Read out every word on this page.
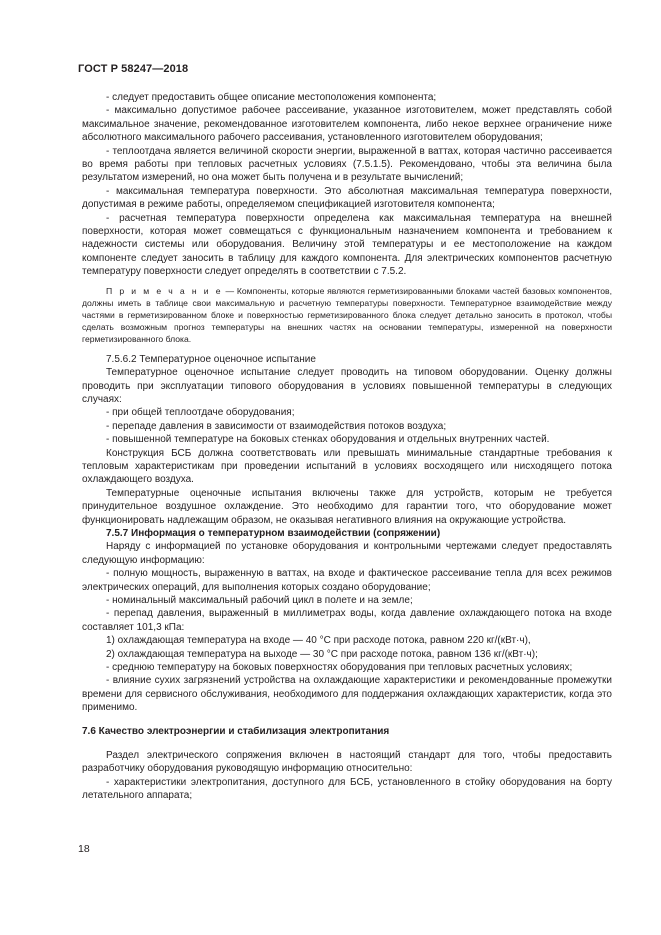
ГОСТ Р 58247—2018

- следует предоставить общее описание местоположения компонента;

- максимально допустимое рабочее рассеивание, указанное изготовителем, может представлять собой максимальное значение, рекомендованное изготовителем компонента, либо некое верхнее ограничение ниже абсолютного максимального рабочего рассеивания, установленного изготовителем оборудования;

- теплоотдача является величиной скорости энергии, выраженной в ваттах, которая частично рассеивается во время работы при тепловых расчетных условиях (7.5.1.5). Рекомендовано, чтобы эта величина была результатом измерений, но она может быть получена и в результате вычислений;

- максимальная температура поверхности. Это абсолютная максимальная температура поверхности, допустимая в режиме работы, определяемом спецификацией изготовителя компонента;

- расчетная температура поверхности определена как максимальная температура на внешней поверхности, которая может совмещаться с функциональным назначением компонента и требованием к надежности системы или оборудования. Величину этой температуры и ее местоположение на каждом компоненте следует заносить в таблицу для каждого компонента. Для электрических компонентов расчетную температуру поверхности следует определять в соответствии с 7.5.2.

П р и м е ч а н и е — Компоненты, которые являются герметизированными блоками частей базовых компонентов, должны иметь в таблице свои максимальную и расчетную температуры поверхности. Температурное взаимодействие между частями в герметизированном блоке и поверхностью герметизированного блока следует детально заносить в протокол, чтобы сделать возможным прогноз температуры на внешних частях на основании температуры, измеренной на поверхности герметизированного блока.

7.5.6.2 Температурное оценочное испытание

Температурное оценочное испытание следует проводить на типовом оборудовании. Оценку должны проводить при эксплуатации типового оборудования в условиях повышенной температуры в следующих случаях:

- при общей теплоотдаче оборудования;

- перепаде давления в зависимости от взаимодействия потоков воздуха;

- повышенной температуре на боковых стенках оборудования и отдельных внутренних частей.

Конструкция БСБ должна соответствовать или превышать минимальные стандартные требования к тепловым характеристикам при проведении испытаний в условиях восходящего или нисходящего потока охлаждающего воздуха.

Температурные оценочные испытания включены также для устройств, которым не требуется принудительное воздушное охлаждение. Это необходимо для гарантии того, что оборудование может функционировать надлежащим образом, не оказывая негативного влияния на окружающие устройства.

7.5.7 Информация о температурном взаимодействии (сопряжении)

Наряду с информацией по установке оборудования и контрольными чертежами следует предоставлять следующую информацию:

- полную мощность, выраженную в ваттах, на входе и фактическое рассеивание тепла для всех режимов электрических операций, для выполнения которых создано оборудование;

- номинальный максимальный рабочий цикл в полете и на земле;

- перепад давления, выраженный в миллиметрах воды, когда давление охлаждающего потока на входе составляет 101,3 кПа:

1) охлаждающая температура на входе — 40 °С при расходе потока, равном 220 кг/(кВт·ч),

2) охлаждающая температура на выходе — 30 °С при расходе потока, равном 136 кг/(кВт·ч);

- среднюю температуру на боковых поверхностях оборудования при тепловых расчетных условиях;

- влияние сухих загрязнений устройства на охлаждающие характеристики и рекомендованные промежутки времени для сервисного обслуживания, необходимого для поддержания охлаждающих характеристик, когда это применимо.

7.6 Качество электроэнергии и стабилизация электропитания

Раздел электрического сопряжения включен в настоящий стандарт для того, чтобы предоставить разработчику оборудования руководящую информацию относительно:

- характеристики электропитания, доступного для БСБ, установленного в стойку оборудования на борту летательного аппарата;

18
